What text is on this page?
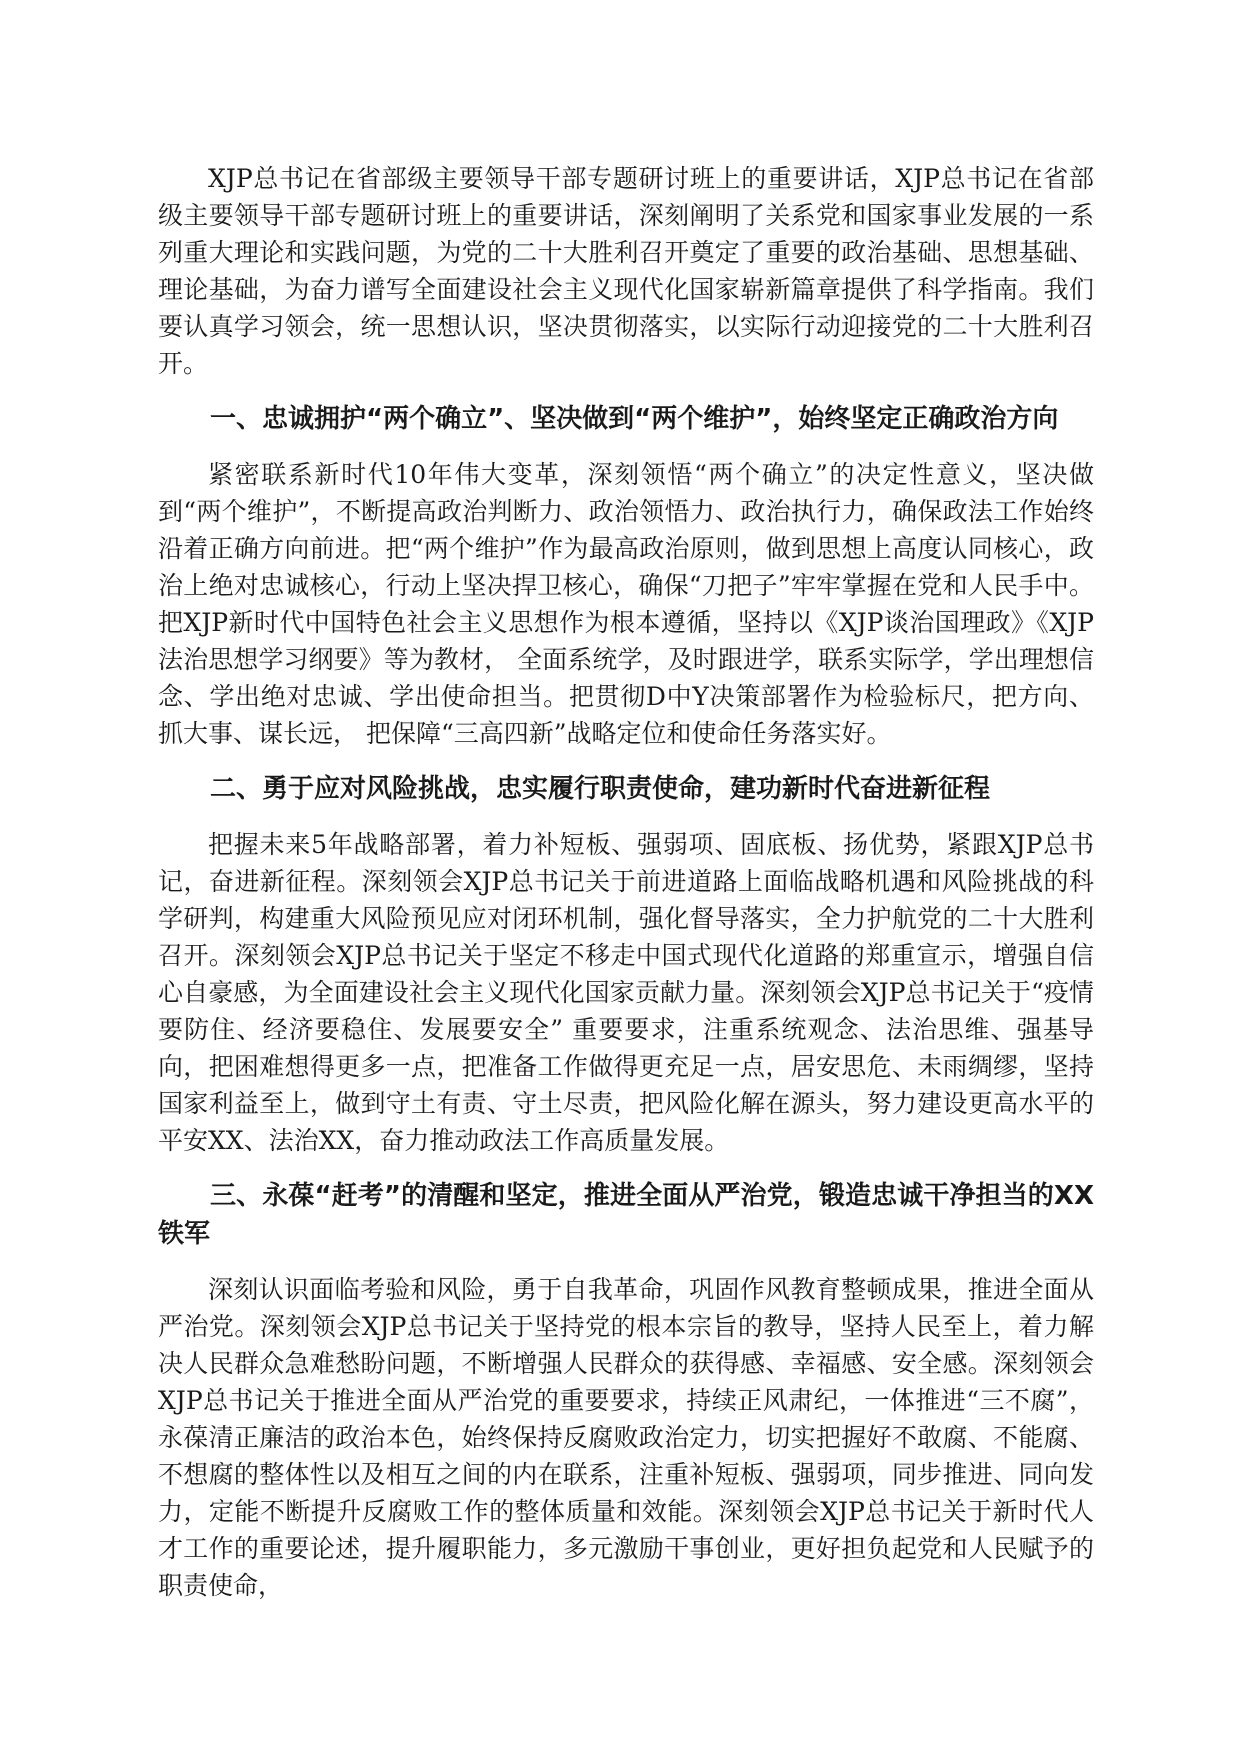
XJP总书记在省部级主要领导干部专题研讨班上的重要讲话，XJP总书记在省部级主要领导干部专题研讨班上的重要讲话，深刻阐明了关系党和国家事业发展的一系列重大理论和实践问题，为党的二十大胜利召开奠定了重要的政治基础、思想基础、理论基础，为奋力谱写全面建设社会主义现代化国家崭新篇章提供了科学指南。我们要认真学习领会，统一思想认识，坚决贯彻落实，以实际行动迎接党的二十大胜利召开。

一、忠诚拥护“两个确立”、坚决做到“两个维护”，始终坚定正确政治方向

紧密联系新时代10年伟大变革，深刻领悟“两个确立”的决定性意义，坚决做到“两个维护”，不断提高政治判断力、政治领悟力、政治执行力，确保政法工作始终沿着正确方向前进。把“两个维护”作为最高政治原则，做到思想上高度认同核心，政治上绝对忠诚核心，行动上坚决捍卫核心，确保“刀把子”牢牢掌握在党和人民手中。把XJP新时代中国特色社会主义思想作为根本遵循，坚持以《XJP谈治国理政》《XJP法治思想学习纲要》等为教材， 全面系统学，及时跟进学，联系实际学，学出理想信念、学出绝对忠诚、学出使命担当。把贯彻D中Y决策部署作为检验标尺，把方向、抓大事、谋长远， 把保障“三高四新”战略定位和使命任务落实好。

二、勇于应对风险挑战，忠实履行职责使命，建功新时代奋进新征程

把握未来5年战略部署，着力补短板、强弱项、固底板、扬优势，紧跟XJP总书记，奋进新征程。深刻领会XJP总书记关于前进道路上面临战略机遇和风险挑战的科学研判，构建重大风险预见应对闭环机制，强化督导落实，全力护航党的二十大胜利召开。深刻领会XJP总书记关于坚定不移走中国式现代化道路的郑重宣示，增强自信心自豪感，为全面建设社会主义现代化国家贡献力量。深刻领会XJP总书记关于“疫情要防住、经济要稳住、发展要安全” 重要要求，注重系统观念、法治思维、强基导向，把困难想得更多一点，把准备工作做得更充足一点，居安思危、未雨绸缪，坚持国家利益至上，做到守土有责、守土尽责，把风险化解在源头，努力建设更高水平的平安XX、法治XX，奋力推动政法工作高质量发展。

三、永葆“赶考”的清醒和坚定，推进全面从严治党，锻造忠诚干净担当的XX铁军

深刻认识面临考验和风险，勇于自我革命，巩固作风教育整顿成果，推进全面从严治党。深刻领会XJP总书记关于坚持党的根本宗旨的教导，坚持人民至上，着力解决人民群众急难愁盼问题，不断增强人民群众的获得感、幸福感、安全感。深刻领会XJP总书记关于推进全面从严治党的重要要求，持续正风肃纪，一体推进“三不腐”，永葆清正廉洁的政治本色，始终保持反腐败政治定力，切实把握好不敢腐、不能腐、不想腐的整体性以及相互之间的内在联系，注重补短板、强弱项，同步推进、同向发力，定能不断提升反腐败工作的整体质量和效能。深刻领会XJP总书记关于新时代人才工作的重要论述，提升履职能力，多元激励干事创业，更好担负起党和人民赋予的职责使命，
